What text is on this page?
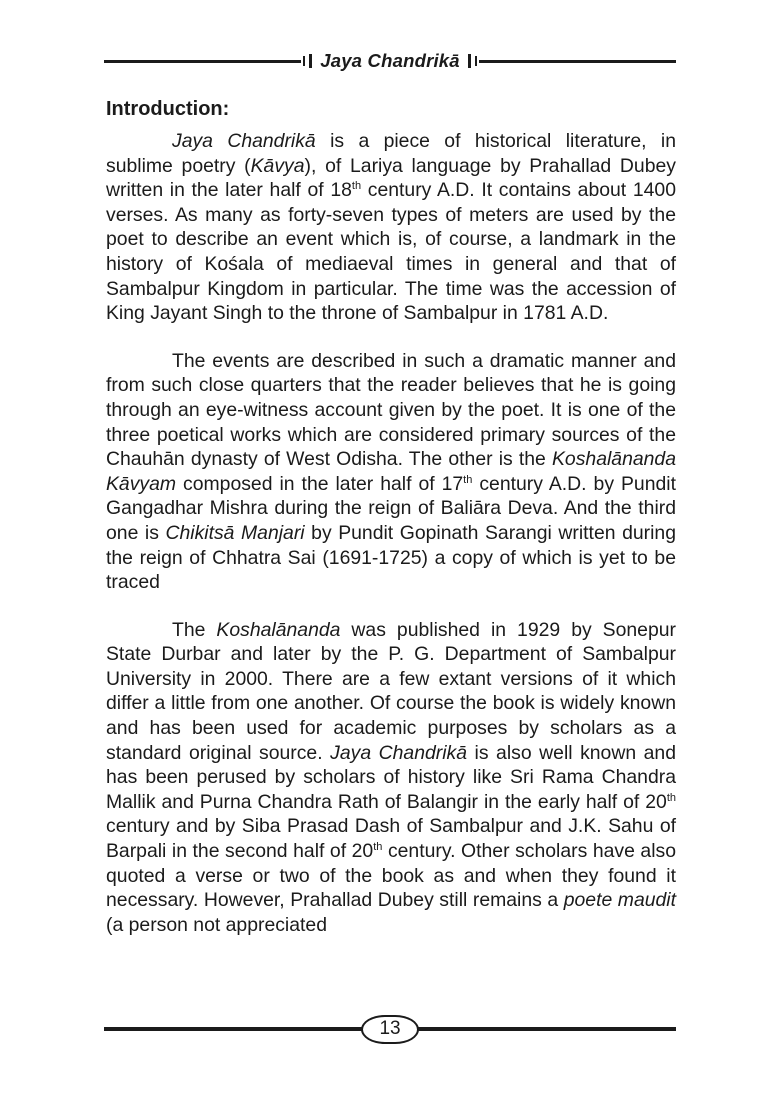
Jaya Chandrikā
Introduction:

Jaya Chandrikā is a piece of historical literature, in sublime poetry (Kāvya), of Lariya language by Prahallad Dubey written in the later half of 18th century A.D. It contains about 1400 verses. As many as forty-seven types of meters are used by the poet to describe an event which is, of course, a landmark in the history of Kośala of mediaeval times in general and that of Sambalpur Kingdom in particular. The time was the accession of King Jayant Singh to the throne of Sambalpur in 1781 A.D.

The events are described in such a dramatic manner and from such close quarters that the reader believes that he is going through an eye-witness account given by the poet. It is one of the three poetical works which are considered primary sources of the Chauhān dynasty of West Odisha. The other is the Koshalānanda Kāvyam composed in the later half of 17th century A.D. by Pundit Gangadhar Mishra during the reign of Baliāra Deva. And the third one is Chikitsā Manjari by Pundit Gopinath Sarangi written during the reign of Chhatra Sai (1691-1725) a copy of which is yet to be traced

The Koshalānanda was published in 1929 by Sonepur State Durbar and later by the P. G. Department of Sambalpur University in 2000. There are a few extant versions of it which differ a little from one another. Of course the book is widely known and has been used for academic purposes by scholars as a standard original source. Jaya Chandrikā is also well known and has been perused by scholars of history like Sri Rama Chandra Mallik and Purna Chandra Rath of Balangir in the early half of 20th century and by Siba Prasad Dash of Sambalpur and J.K. Sahu of Barpali in the second half of 20th century. Other scholars have also quoted a verse or two of the book as and when they found it necessary. However, Prahallad Dubey still remains a poete maudit (a person not appreciated

13
